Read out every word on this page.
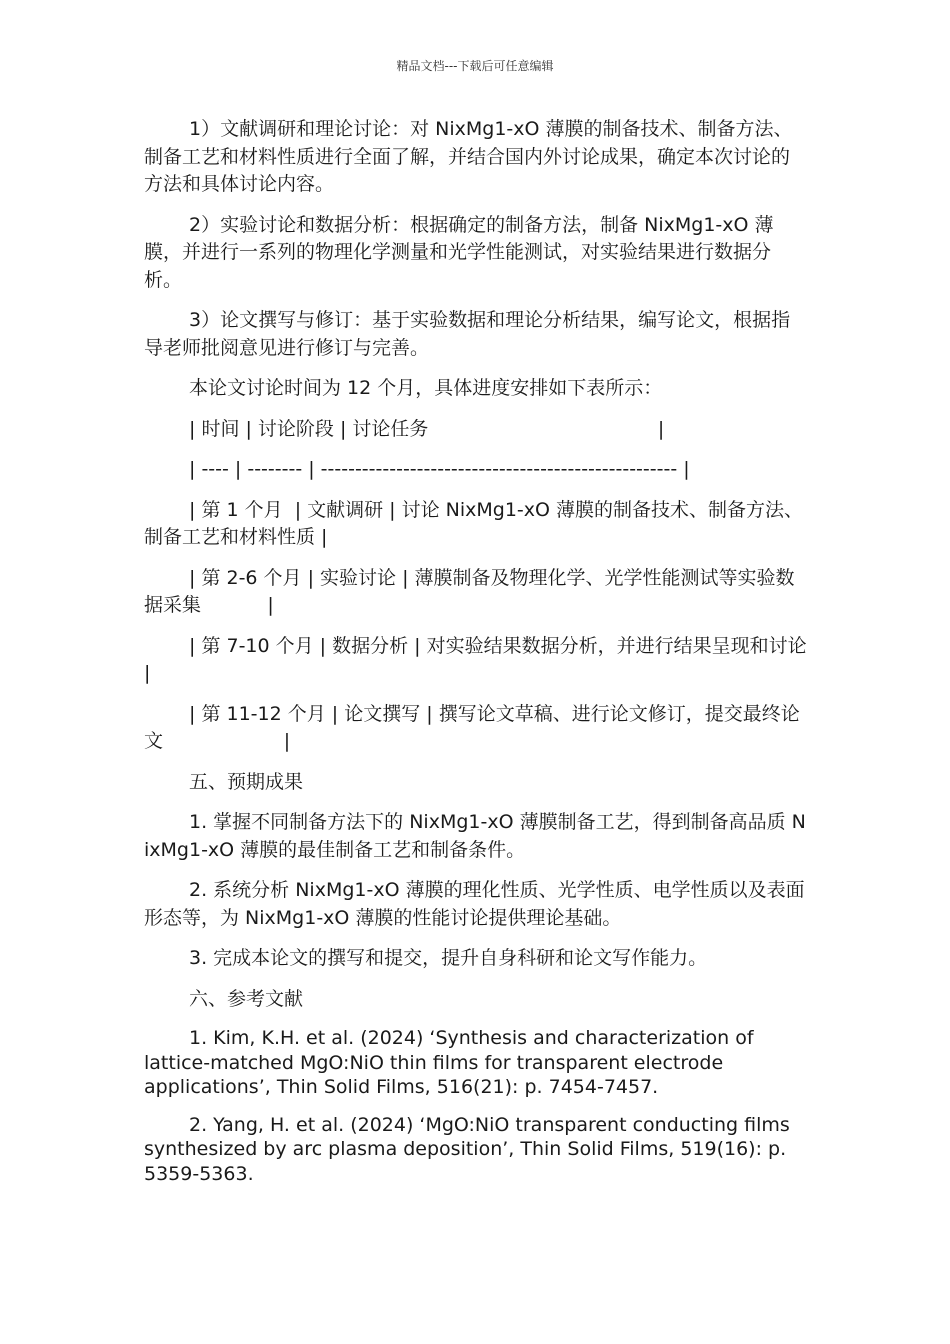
精品文档---下载后可任意编辑

1）文献调研和理论讨论：对 NixMg1-xO 薄膜的制备技术、制备方法、制备工艺和材料性质进行全面了解，并结合国内外讨论成果，确定本次讨论的方法和具体讨论内容。

2）实验讨论和数据分析：根据确定的制备方法，制备 NixMg1-xO 薄膜，并进行一系列的物理化学测量和光学性能测试，对实验结果进行数据分析。

3）论文撰写与修订：基于实验数据和理论分析结果，编写论文，根据指导老师批阅意见进行修订与完善。

本论文讨论时间为 12 个月，具体进度安排如下表所示：

| 时间 | 讨论阶段 | 讨论任务                                      |

| ---- | -------- | ---------------------------------------------------- |

| 第 1 个月  | 文献调研 | 讨论 NixMg1-xO 薄膜的制备技术、制备方法、制备工艺和材料性质 |

| 第 2-6 个月 | 实验讨论 | 薄膜制备及物理化学、光学性能测试等实验数据采集           |

| 第 7-10 个月 | 数据分析 | 对实验结果数据分析，并进行结果呈现和讨论                    |

| 第 11-12 个月 | 论文撰写 | 撰写论文草稿、进行论文修订，提交最终论文                    |

五、预期成果

1. 掌握不同制备方法下的 NixMg1-xO 薄膜制备工艺，得到制备高品质 NixMg1-xO 薄膜的最佳制备工艺和制备条件。

2. 系统分析 NixMg1-xO 薄膜的理化性质、光学性质、电学性质以及表面形态等，为 NixMg1-xO 薄膜的性能讨论提供理论基础。

3. 完成本论文的撰写和提交，提升自身科研和论文写作能力。

六、参考文献

1. Kim, K.H. et al. (2024) ‘Synthesis and characterization of lattice-matched MgO:NiO thin films for transparent electrode applications’, Thin Solid Films, 516(21): p. 7454-7457.

2. Yang, H. et al. (2024) ‘MgO:NiO transparent conducting films synthesized by arc plasma deposition’, Thin Solid Films, 519(16): p. 5359-5363.
